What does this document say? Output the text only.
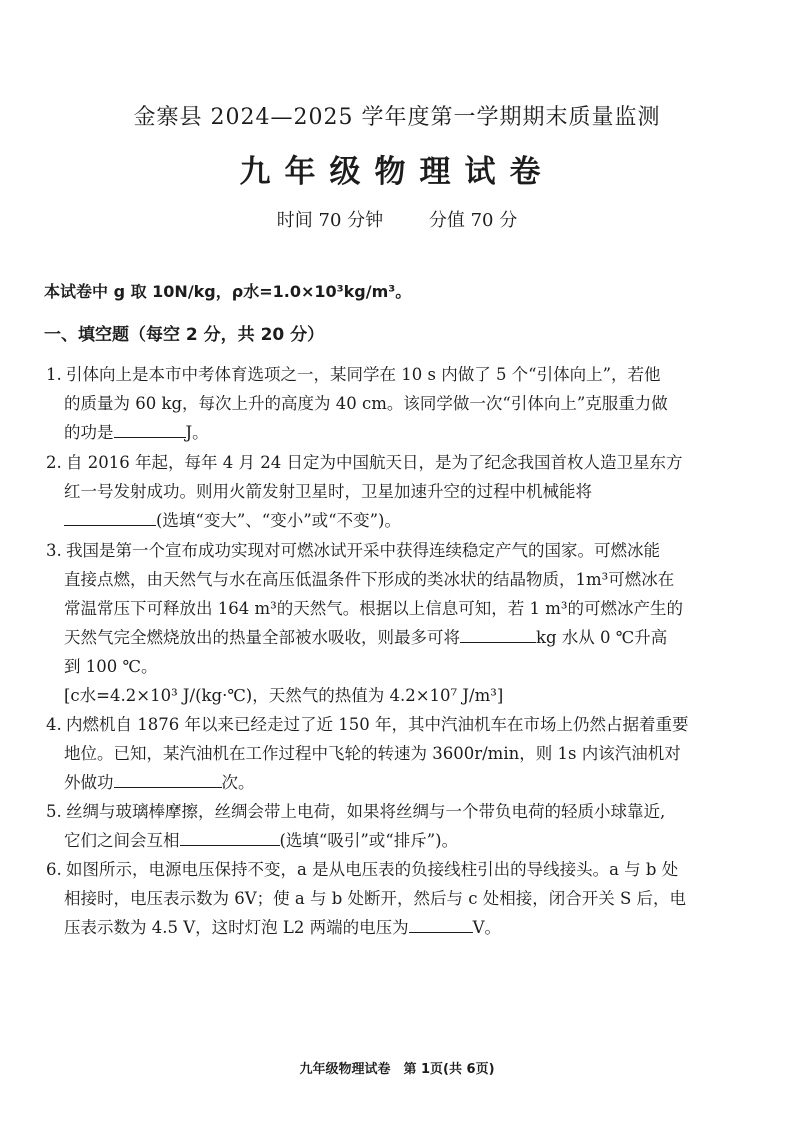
金寨县 2024—2025 学年度第一学期期末质量监测
九年级物理试卷
时间 70 分钟	分值 70 分
本试卷中 g 取 10N/kg，ρ水=1.0×10³kg/m³。
一、填空题（每空 2 分，共 20 分）
1. 引体向上是本市中考体育选项之一，某同学在 10 s 内做了 5 个“引体向上”，若他
的质量为 60 kg，每次上升的高度为 40 cm。该同学做一次“引体向上”克服重力做
的功是	J。
2. 自 2016 年起，每年 4 月 24 日定为中国航天日，是为了纪念我国首枚人造卫星东方
红一号发射成功。则用火箭发射卫星时，卫星加速升空的过程中机械能将
(选填“变大”、“变小”或“不变”)。
3. 我国是第一个宣布成功实现对可燃冰试开采中获得连续稳定产气的国家。可燃冰能
直接点燃，由天然气与水在高压低温条件下形成的类冰状的结晶物质，1m³可燃冰在
常温常压下可释放出 164 m³的天然气。根据以上信息可知，若 1 m³的可燃冰产生的
天然气完全燃烧放出的热量全部被水吸收，则最多可将	kg 水从 0 ℃升高
到 100 ℃。
[c水=4.2×10³ J/(kg·℃)，天然气的热值为 4.2×10⁷ J/m³]
4. 内燃机自 1876 年以来已经走过了近 150 年，其中汽油机车在市场上仍然占据着重要
地位。已知，某汽油机在工作过程中飞轮的转速为 3600r/min，则 1s 内该汽油机对
外做功	次。
5. 丝绸与玻璃棒摩擦，丝绸会带上电荷，如果将丝绸与一个带负电荷的轻质小球靠近,
它们之间会互相	(选填“吸引”或“排斥”)。
6. 如图所示，电源电压保持不变，a 是从电压表的负接线柱引出的导线接头。a 与 b 处
相接时，电压表示数为 6V；使 a 与 b 处断开，然后与 c 处相接，闭合开关 S 后，电
压表示数为 4.5 V，这时灯泡 L2 两端的电压为	V。
九年级物理试卷　第 1页(共 6页)
